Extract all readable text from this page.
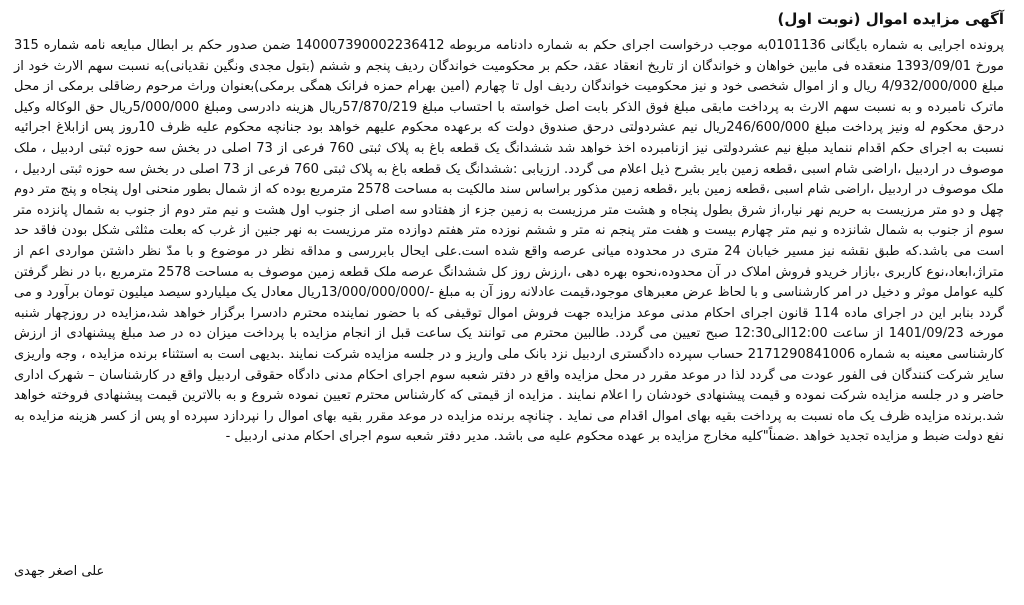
آگهی مزایده اموال (نوبت اول)

پرونده اجرایی به شماره بایگانی 0101136به موجب درخواست اجرای حکم به شماره دادنامه مربوطه 140007390002236412 ضمن صدور حکم بر ابطال مبایعه نامه شماره 315 مورخ 1393/09/01 منعقده فی مابین خواهان و خواندگان از تاریخ انعقاد عقد، حکم بر محکومیت خواندگان ردیف پنجم و ششم (بتول مجدی ونگین نقدیانی)به نسبت سهم الارث خود از مبلغ 4/932/000/000 ریال و از اموال شخصی خود و نیز محکومیت خواندگان ردیف اول تا چهارم (امین بهرام حمزه فرانک همگی برمکی)بعنوان وراث مرحوم رضاقلی برمکی از محل ماترک نامبرده و به نسبت سهم الارث به پرداخت مابقی مبلغ فوق الذکر بابت اصل خواسته با احتساب مبلغ 57/870/219ریال هزینه دادرسی ومبلغ 5/000/000ریال حق الوکاله وکیل درحق محکوم له ونیز پرداخت مبلغ 246/600/000ریال نیم عشردولتی درحق صندوق دولت که برعهده محکوم علیهم خواهد بود جنانچه محکوم علیه ظرف 10روز پس ازابلاغ اجرائیه نسبت به اجرای حکم اقدام ننماید مبلغ نیم عشردولتی نیز ازنامبرده اخذ خواهد شد ششدانگ یک قطعه باغ به پلاک ثبتی 760 فرعی از 73 اصلی در بخش سه حوزه ثبتی اردبیل ، ملک موصوف در اردبیل ،اراضی شام اسبی ،قطعه زمین بایر بشرح ذیل اعلام می گردد. ارزیابی :ششدانگ یک قطعه باغ به پلاک ثبتی 760 فرعی از 73 اصلی در بخش سه حوزه ثبتی اردبیل ، ملک موصوف در اردبیل ،اراضی شام اسبی ،قطعه زمین بایر ،قطعه زمین مذکور براساس سند مالکیت به مساحت 2578 مترمربع بوده که از شمال بطور منحنی اول پنجاه و پنج متر دوم چهل و دو متر مرزیست به حریم نهر نیار،از شرق بطول پنجاه و هشت متر مرزیست به زمین جزء از هفتادو سه اصلی از جنوب اول هشت و نیم متر دوم از جنوب به شمال پانزده متر سوم از جنوب به شمال شانزده و نیم متر چهارم بیست و هفت متر پنجم نه متر و ششم نوزده متر هفتم دوازده متر مرزیست به نهر جنین از غرب که بعلت مثلثی شکل بودن فاقد حد است می باشد.که طبق نقشه نیز مسیر خیابان 24 متری در محدوده میانی عرصه واقع شده است.علی ایحال بابررسی و مداقه نظر در موضوع و با مدّ نظر داشتن مواردی اعم از متراژ،ابعاد،نوع کاربری ،بازار خریدو فروش املاک در آن محدوده،نحوه بهره دهی ،ارزش روز کل ششدانگ عرصه ملک قطعه زمین موصوف به مساحت 2578 مترمربع ،با در نظر گرفتن کلیه عوامل موثر و دخیل در امر کارشناسی و با لحاظ عرض معبرهای موجود،قیمت عادلانه روز آن به مبلغ -/13/000/000/000ریال معادل یک میلیاردو سیصد میلیون تومان برآورد و می گردد بنابر این در اجرای ماده 114 قانون اجرای احکام مدنی موعد مزایده جهت فروش اموال توقیفی که با حضور نماینده محترم دادسرا برگزار خواهد شد،مزایده در روزچهار شنبه مورخه 1401/09/23 از ساعت 12:00الی12:30 صبح تعیین می گردد. طالبین محترم می توانند یک ساعت قبل از انجام مزایده با پرداخت میزان ده در صد مبلغ پیشنهادی از ارزش کارشناسی معینه به شماره 2171290841006 حساب سپرده دادگستری اردبیل نزد بانک ملی واریز و در جلسه مزایده شرکت نمایند .بدیهی است به استثناء برنده مزایده ، وجه واریزی سایر شرکت کنندگان فی الفور عودت می گردد لذا در موعد مقرر در محل مزایده واقع در دفتر شعبه سوم اجرای احکام مدنی دادگاه حقوقی اردبیل واقع در کارشناسان – شهرک اداری حاضر و در جلسه مزایده شرکت نموده و قیمت پیشنهادی خودشان را اعلام نمایند . مزایده از قیمتی که کارشناس محترم تعیین نموده شروع و به بالاترین قیمت پیشنهادی فروخته خواهد شد.برنده مزایده ظرف یک ماه نسبت به پرداخت بقیه بهای اموال اقدام می نماید . چنانچه برنده مزایده در موعد مقرر بقیه بهای اموال را نپردازد سپرده او پس از کسر هزینه مزایده به نفع دولت ضبط و مزایده تجدید خواهد .ضمناً"کلیه مخارج مزایده بر عهده محکوم علیه می باشد. مدیر دفتر شعبه سوم اجرای احکام مدنی اردبیل -

علی اصغر جهدی
